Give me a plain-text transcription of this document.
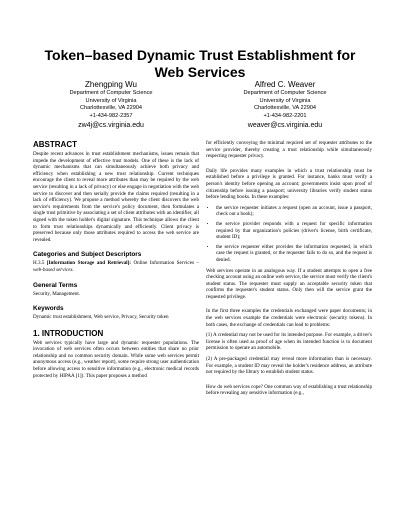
Token–based Dynamic Trust Establishment for Web Services
Zhengping Wu
Department of Computer Science
University of Virginia
Charlottesville, VA 22904
+1-434-982-2357
zw4j@cs.virginia.edu
Alfred C. Weaver
Department of Computer Science
University of Virginia
Charlottesville, VA 22904
+1-434-982-2201
weaver@cs.virginia.edu
ABSTRACT

Despite recent advances in trust establishment mechanisms, issues remain that impede the development of effective trust models. One of these is the lack of dynamic mechanisms that can simultaneously achieve both privacy and efficiency when establishing a new trust relationship. Current techniques encourage the client to reveal more attributes than may be required by the web service (resulting in a lack of privacy) or else engage in negotiation with the web service to discover and then serially provide the claims required (resulting in a lack of efficiency). We propose a method whereby the client discovers the web service's requirements from the service's policy document, then formulates a single trust primitive by associating a set of client attributes with an identifier, all signed with the token holder's digital signature. This technique allows the client to form trust relationships dynamically and efficiently. Client privacy is preserved because only those attributes required to access the web service are revealed.

Categories and Subject Descriptors

H.3.5 [Information Storage and Retrieval]: Online Information Services – web-based services.

General Terms

Security, Management.

Keywords

Dynamic trust establishment, Web service, Privacy, Security token

1. INTRODUCTION

Web services typically have large and dynamic requester populations. The invocation of web services often occurs between entities that share no prior relationship and no common security domain. While some web services permit anonymous access (e.g., weather report), some require strong user authentication before allowing access to sensitive information (e.g., electronic medical records protected by HIPAA [1]). This paper proposes a method

for efficiently conveying the minimal required set of requester attributes to the service provider, thereby creating a trust relationship while simultaneously respecting requester privacy.

Daily life provides many examples in which a trust relationship must be established before a privilege is granted. For instance, banks must verify a person's identity before opening an account; governments insist upon proof of citizenship before issuing a passport; university libraries verify student status before lending books. In these examples:

• the service requester initiates a request (open an account, issue a passport, check out a book);
• the service provider responds with a request for specific information required by that organization's policies (driver's license, birth certificate, student ID);
• the service requester either provides the information requested, in which case the request is granted, or the requester fails to do so, and the request is denied.

Web services operate in an analogous way. If a student attempts to open a free checking account using an online web service, the service must verify the client's student status. The requester must supply an acceptable security token that confirms the requester's student status. Only then will the service grant the requested privilege.

In the first three examples the credentials exchanged were paper documents; in the web services example the credentials were electronic (security tokens). In both cases, the exchange of credentials can lead to problems:

(1) A credential may not be used for its intended purpose. For example, a driver's license is often used as proof of age when its intended function is to document permission to operate an automobile.

(2) A pre-packaged credential may reveal more information than is necessary. For example, a student ID may reveal the holder's residence address, an attribute not required by the library to establish student status.

How do web services cope? One common way of establishing a trust relationship before revealing any sensitive information (e.g.,
